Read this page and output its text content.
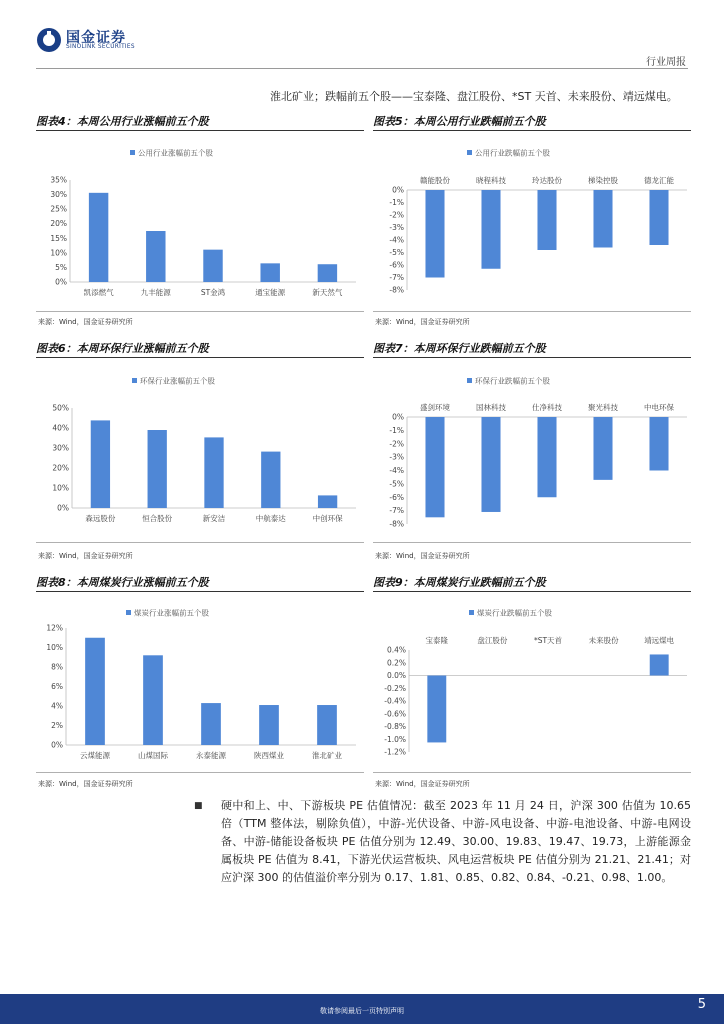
国金证券
SINOLINK SECURITIES
行业周报
淮北矿业；跌幅前五个股——宝泰隆、盘江股份、*ST 天首、未来股份、靖远煤电。
图表4：本周公用行业涨幅前五个股
公用行业涨幅前五个股
0%
5%
10%
15%
20%
25%
30%
35%
凯添燃气	九丰能源	ST金鸿	通宝能源	新天然气
来源：Wind，国金证券研究所
图表5：本周公用行业跌幅前五个股
公用行业跌幅前五个股
0%
-1%
-2%
-3%
-4%
-5%
-6%
-7%
-8%
赣能股份	晓程科技	玲达股份	梯染控股	德龙汇能
来源：Wind，国金证券研究所
图表6：本周环保行业涨幅前五个股
环保行业涨幅前五个股
0%
10%
20%
30%
40%
50%
森远股份	恒合股份	新安洁	中航泰达	中创环保
来源：Wind，国金证券研究所
图表7：本周环保行业跌幅前五个股
环保行业跌幅前五个股
0%
-1%
-2%
-3%
-4%
-5%
-6%
-7%
-8%
盛剑环境	国林科技	仕净科技	聚光科技	中电环保
来源：Wind，国金证券研究所
图表8：本周煤炭行业涨幅前五个股
煤炭行业涨幅前五个股
0%
2%
4%
6%
8%
10%
12%
云煤能源	山煤国际	永泰能源	陕西煤业	淮北矿业
来源：Wind，国金证券研究所
图表9：本周煤炭行业跌幅前五个股
煤炭行业跌幅前五个股
0.4%
0.2%
0.0%
-0.2%
-0.4%
-0.6%
-0.8%
-1.0%
-1.2%
宝泰隆	盘江股份	*ST天首	未来股份	靖远煤电
来源：Wind，国金证券研究所
■ 硬中和上、中、下游板块 PE 估值情况：截至 2023 年 11 月 24 日，沪深 300 估值为 10.65 倍（TTM 整体法，剔除负值），中游-光伏设备、中游-风电设备、中游-电池设备、中游-电网设备、中游-储能设备板块 PE 估值分别为 12.49、30.00、19.83、19.47、19.73，上游能源金属板块 PE 估值为 8.41，下游光伏运营板块、风电运营板块 PE 估值分别为 21.21、21.41；对应沪深 300 的估值溢价率分别为 0.17、1.81、0.85、0.82、0.84、-0.21、0.98、1.00。
敬请参阅最后一页特别声明	5
